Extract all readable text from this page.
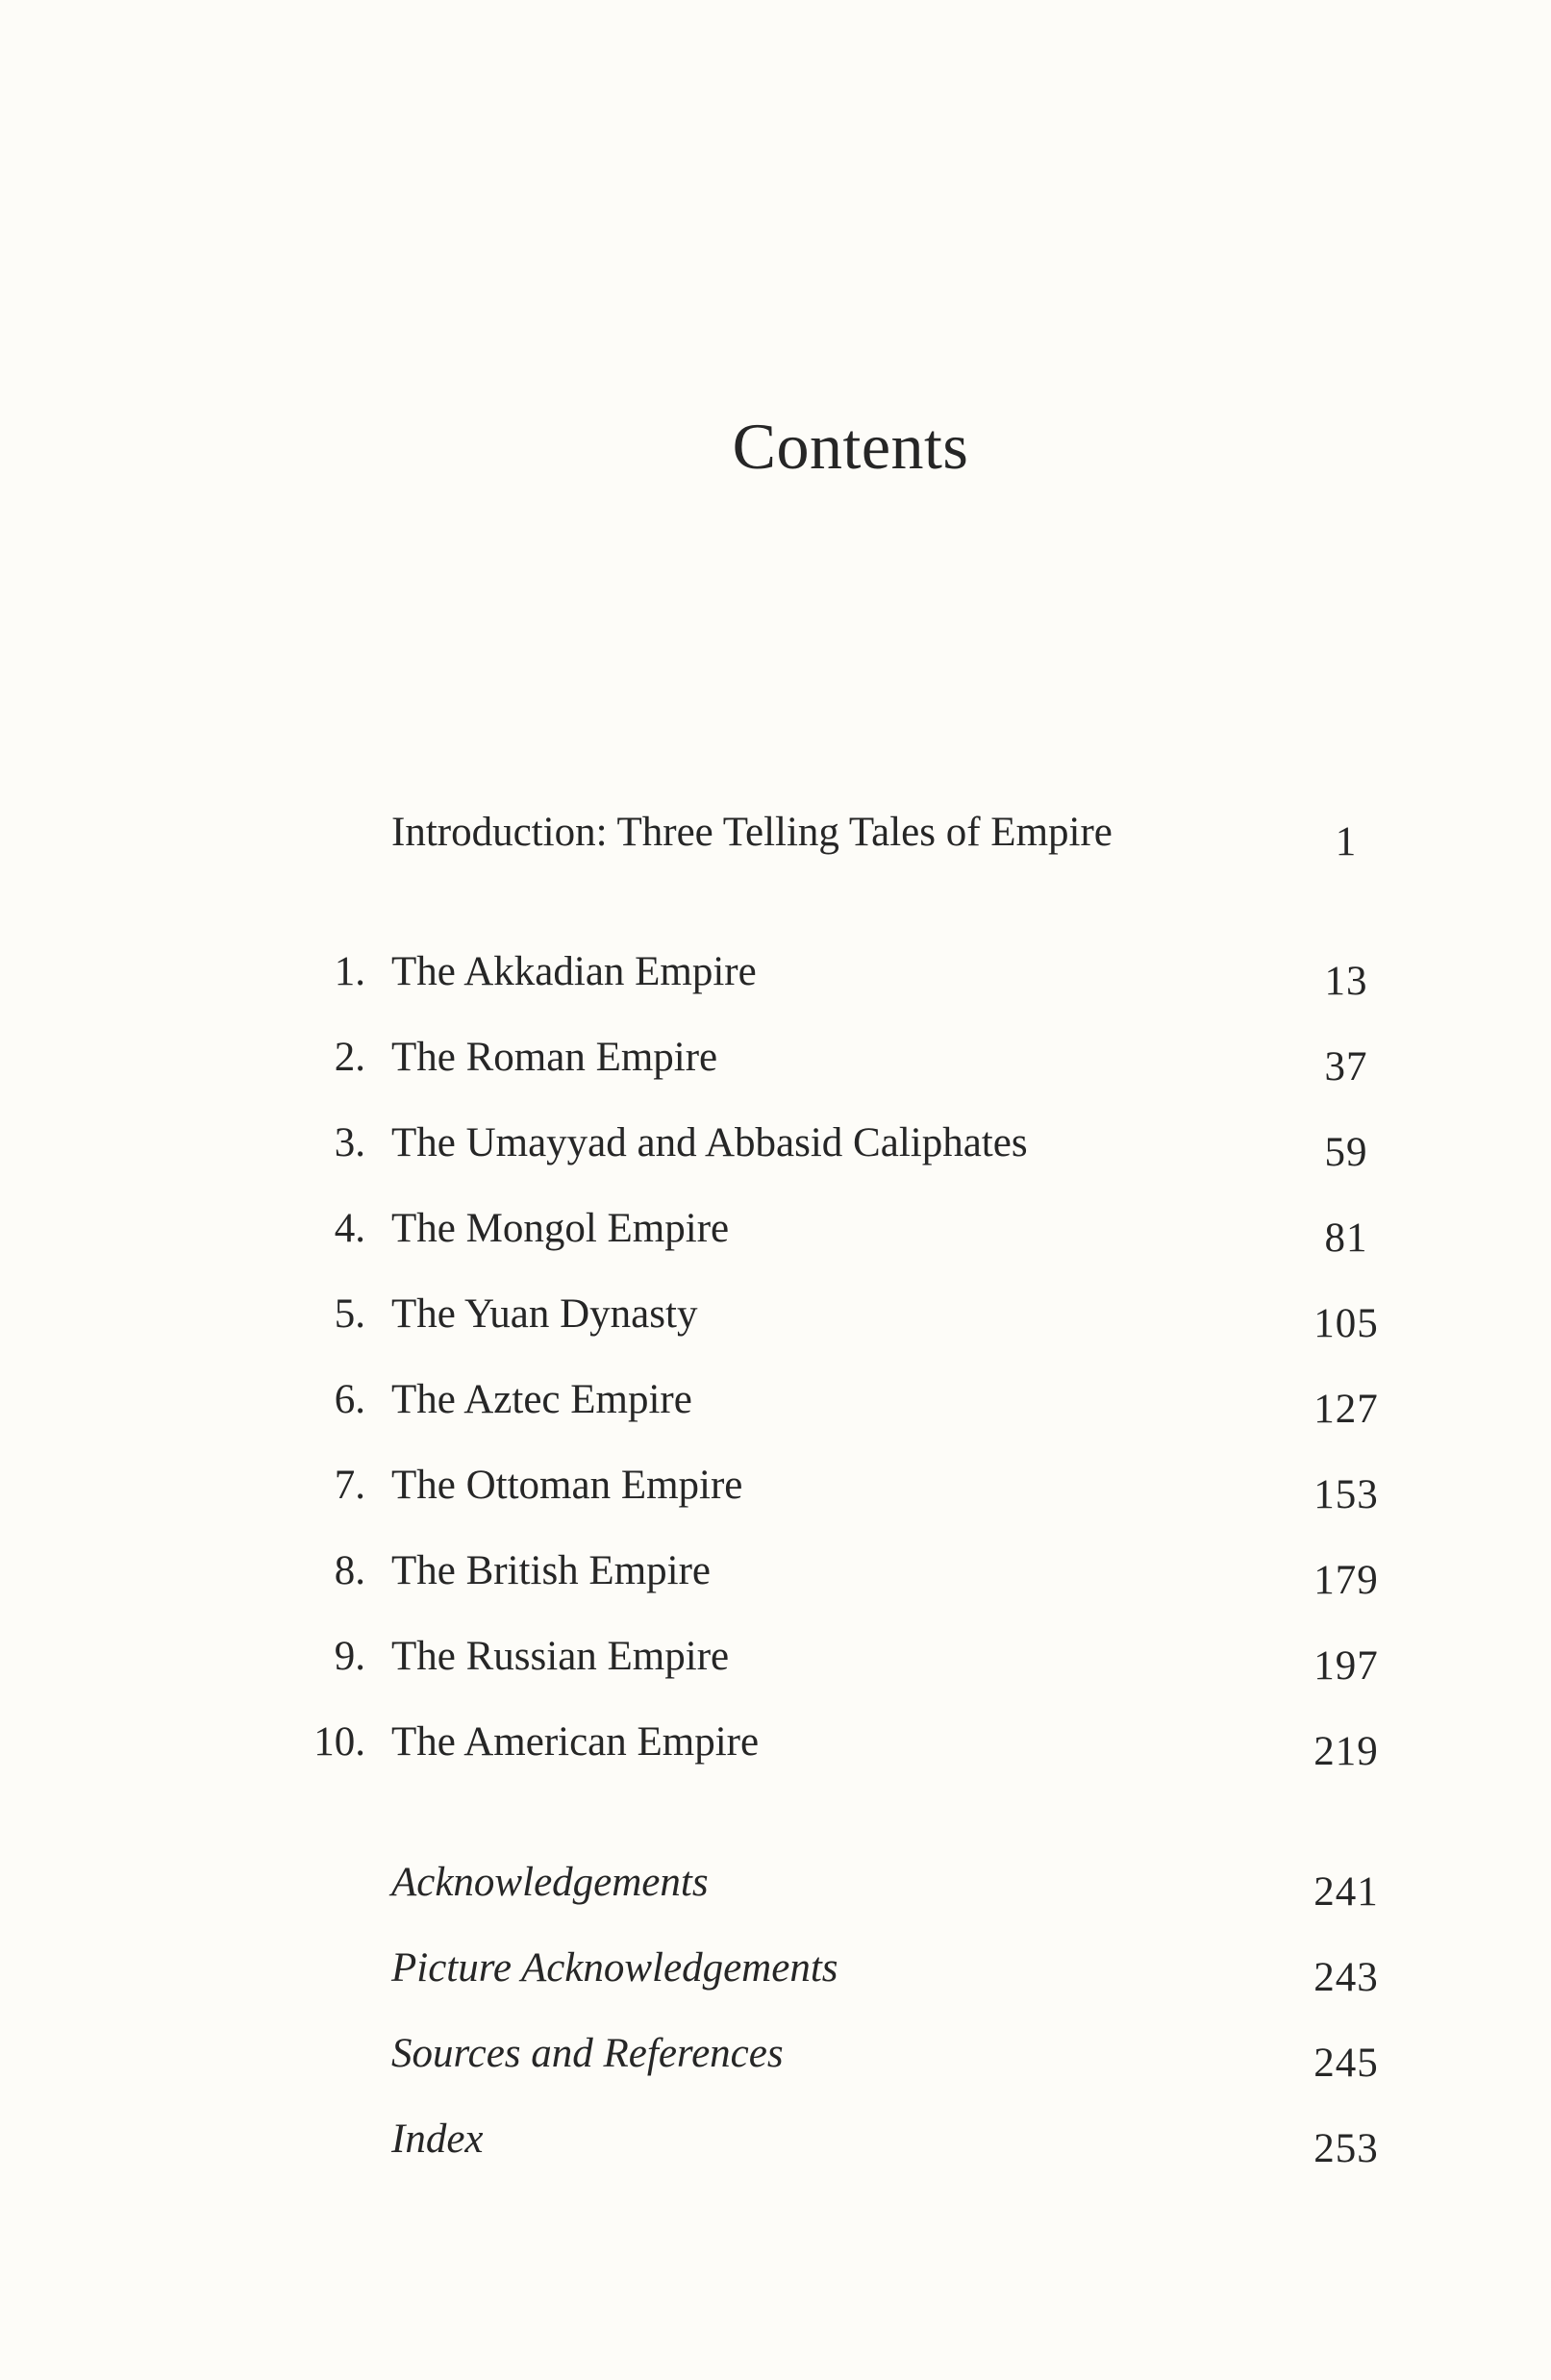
Contents
Introduction: Three Telling Tales of Empire	1
1. The Akkadian Empire	13
2. The Roman Empire	37
3. The Umayyad and Abbasid Caliphates	59
4. The Mongol Empire	81
5. The Yuan Dynasty	105
6. The Aztec Empire	127
7. The Ottoman Empire	153
8. The British Empire	179
9. The Russian Empire	197
10. The American Empire	219
Acknowledgements	241
Picture Acknowledgements	243
Sources and References	245
Index	253
